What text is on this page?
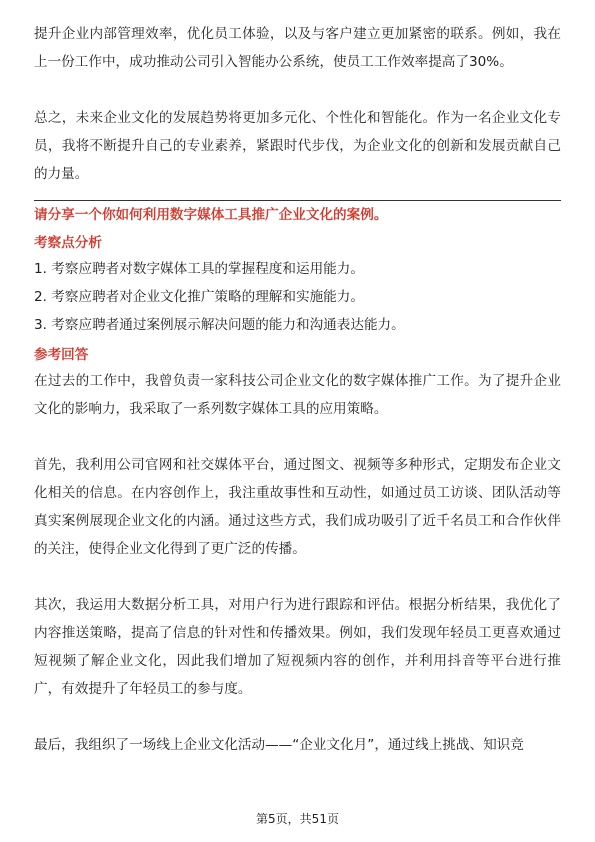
提升企业内部管理效率，优化员工体验，以及与客户建立更加紧密的联系。例如，我在上一份工作中，成功推动公司引入智能办公系统，使员工工作效率提高了30%。

总之，未来企业文化的发展趋势将更加多元化、个性化和智能化。作为一名企业文化专员，我将不断提升自己的专业素养，紧跟时代步伐，为企业文化的创新和发展贡献自己的力量。

请分享一个你如何利用数字媒体工具推广企业文化的案例。

考察点分析

1. 考察应聘者对数字媒体工具的掌握程度和运用能力。
2. 考察应聘者对企业文化推广策略的理解和实施能力。
3. 考察应聘者通过案例展示解决问题的能力和沟通表达能力。

参考回答

在过去的工作中，我曾负责一家科技公司企业文化的数字媒体推广工作。为了提升企业文化的影响力，我采取了一系列数字媒体工具的应用策略。

首先，我利用公司官网和社交媒体平台，通过图文、视频等多种形式，定期发布企业文化相关的信息。在内容创作上，我注重故事性和互动性，如通过员工访谈、团队活动等真实案例展现企业文化的内涵。通过这些方式，我们成功吸引了近千名员工和合作伙伴的关注，使得企业文化得到了更广泛的传播。

其次，我运用大数据分析工具，对用户行为进行跟踪和评估。根据分析结果，我优化了内容推送策略，提高了信息的针对性和传播效果。例如，我们发现年轻员工更喜欢通过短视频了解企业文化，因此我们增加了短视频内容的创作，并利用抖音等平台进行推广，有效提升了年轻员工的参与度。

最后，我组织了一场线上企业文化活动——“企业文化月”，通过线上挑战、知识竞

第5页，共51页
